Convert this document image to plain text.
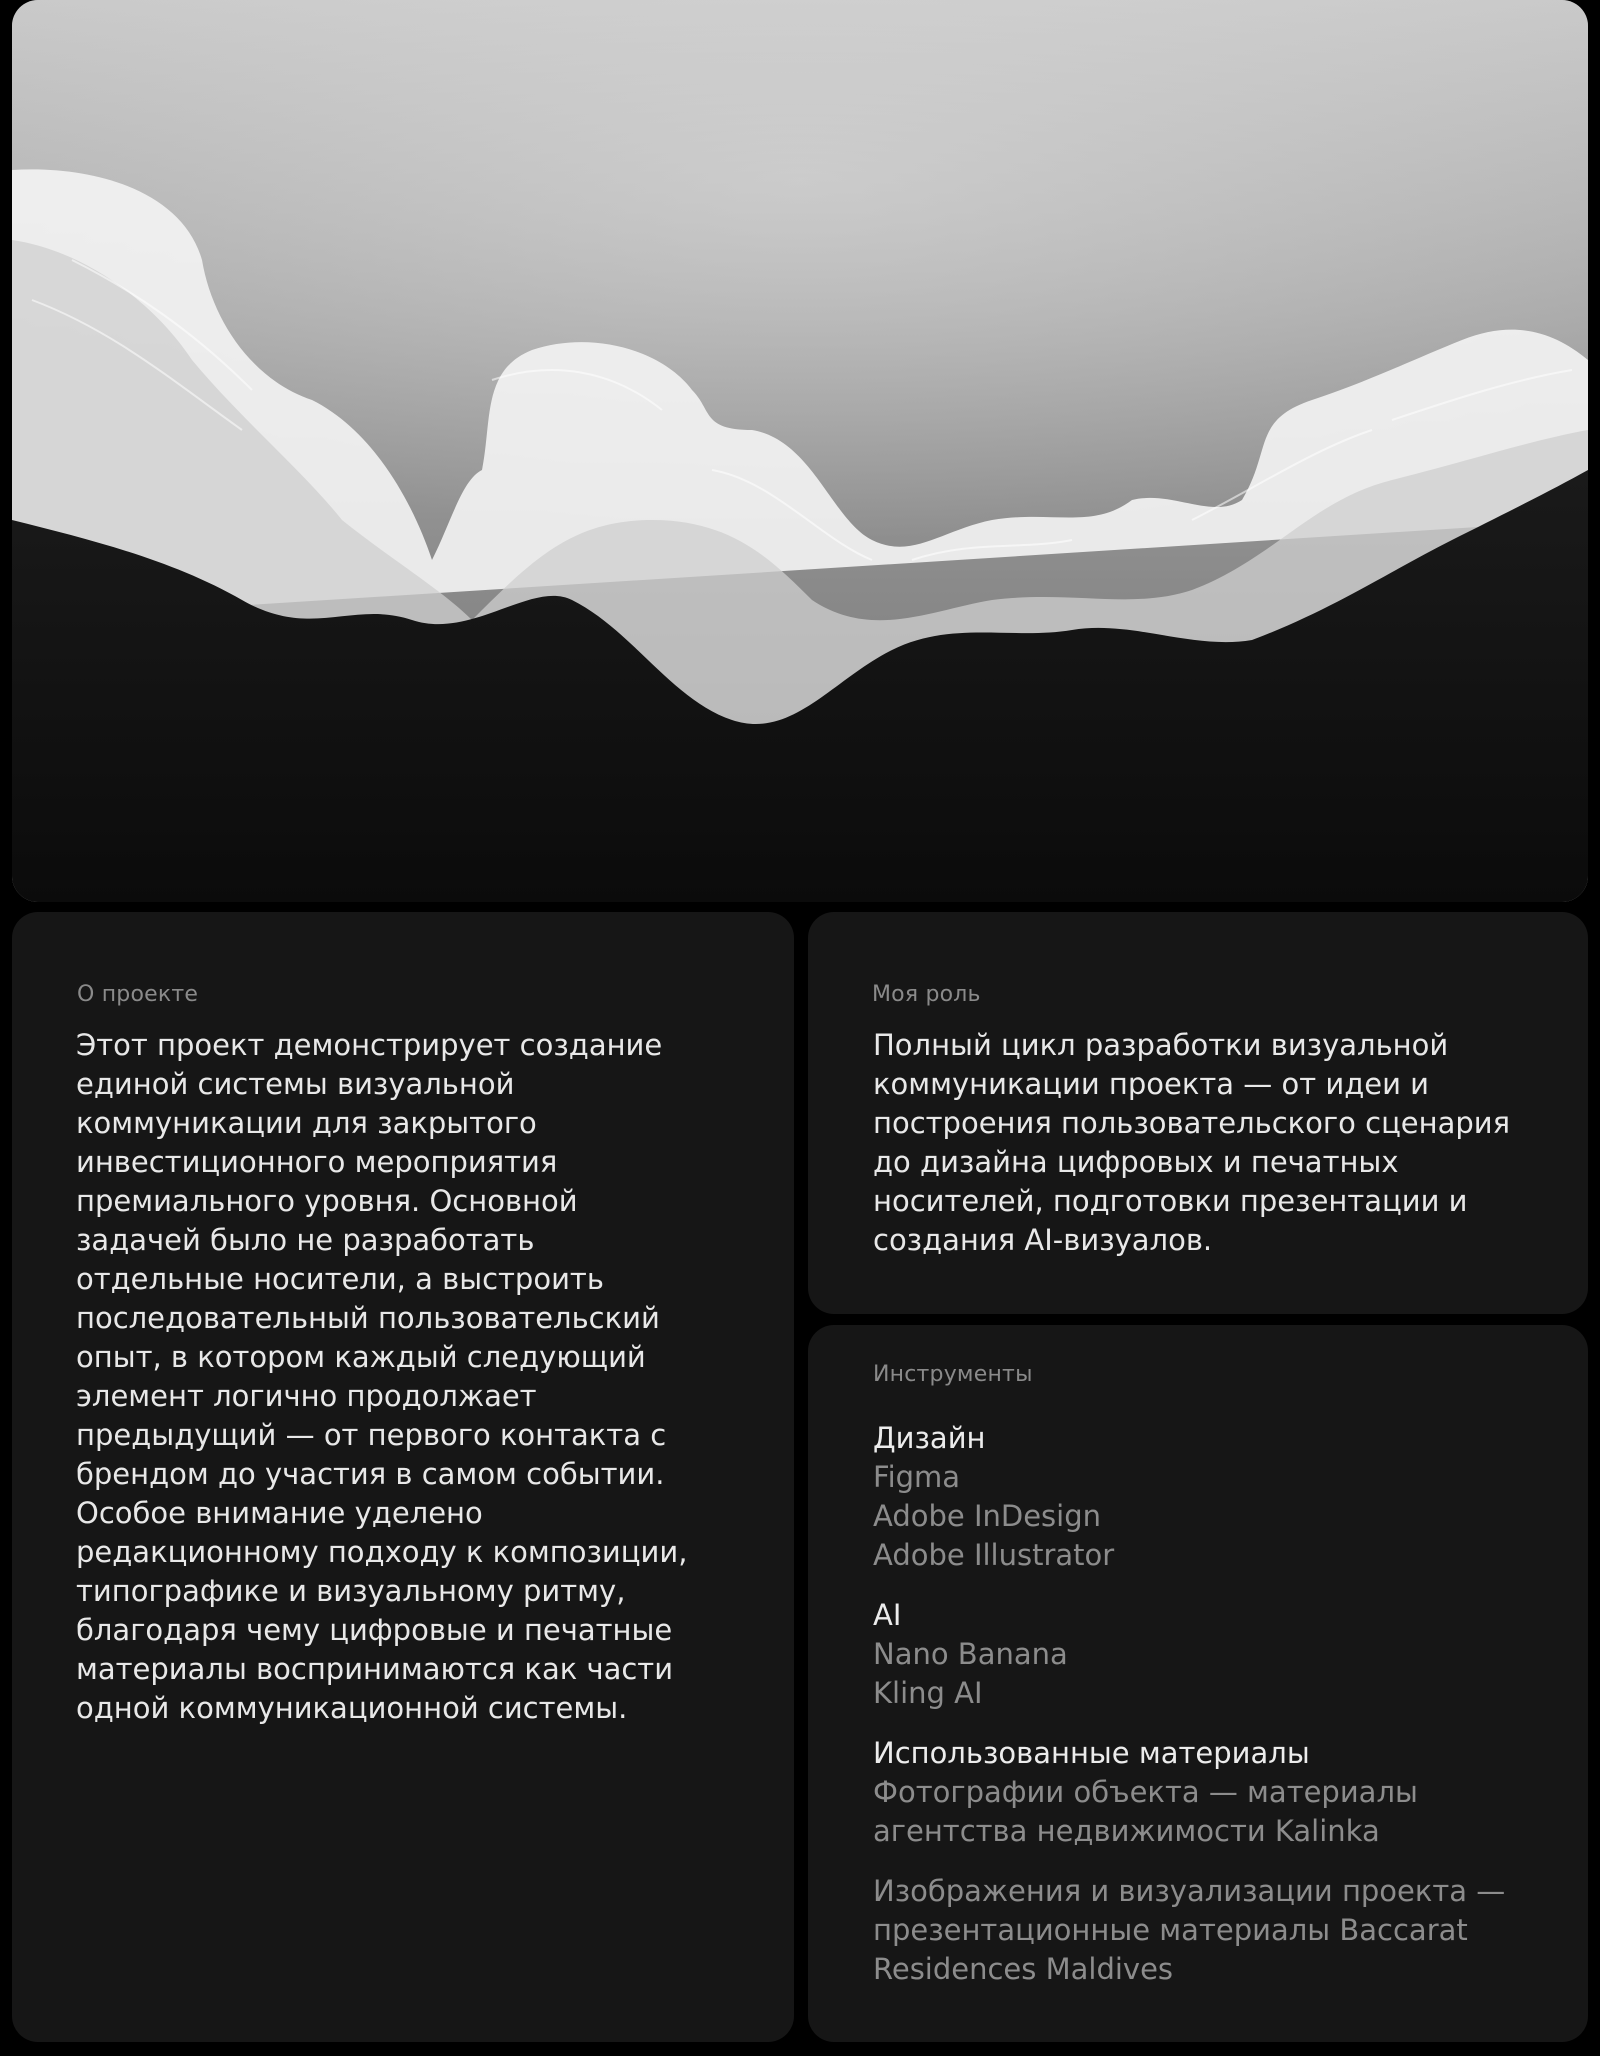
О проекте
Этот проект демонстрирует создание
единой системы визуальной
коммуникации для закрытого
инвестиционного мероприятия
премиального уровня. Основной
задачей было не разработать
отдельные носители, а выстроить
последовательный пользовательский
опыт, в котором каждый следующий
элемент логично продолжает
предыдущий — от первого контакта с
брендом до участия в самом событии.
Особое внимание уделено
редакционному подходу к композиции,
типографике и визуальному ритму,
благодаря чему цифровые и печатные
материалы воспринимаются как части
одной коммуникационной системы.
Моя роль
Полный цикл разработки визуальной
коммуникации проекта — от идеи и
построения пользовательского сценария
до дизайна цифровых и печатных
носителей, подготовки презентации и
создания AI-визуалов.
Инструменты
Дизайн
Figma
Adobe InDesign
Adobe Illustrator
AI
Nano Banana
Kling AI
Использованные материалы
Фотографии объекта — материалы
агентства недвижимости Kalinka
Изображения и визуализации проекта —
презентационные материалы Baccarat
Residences Maldives
